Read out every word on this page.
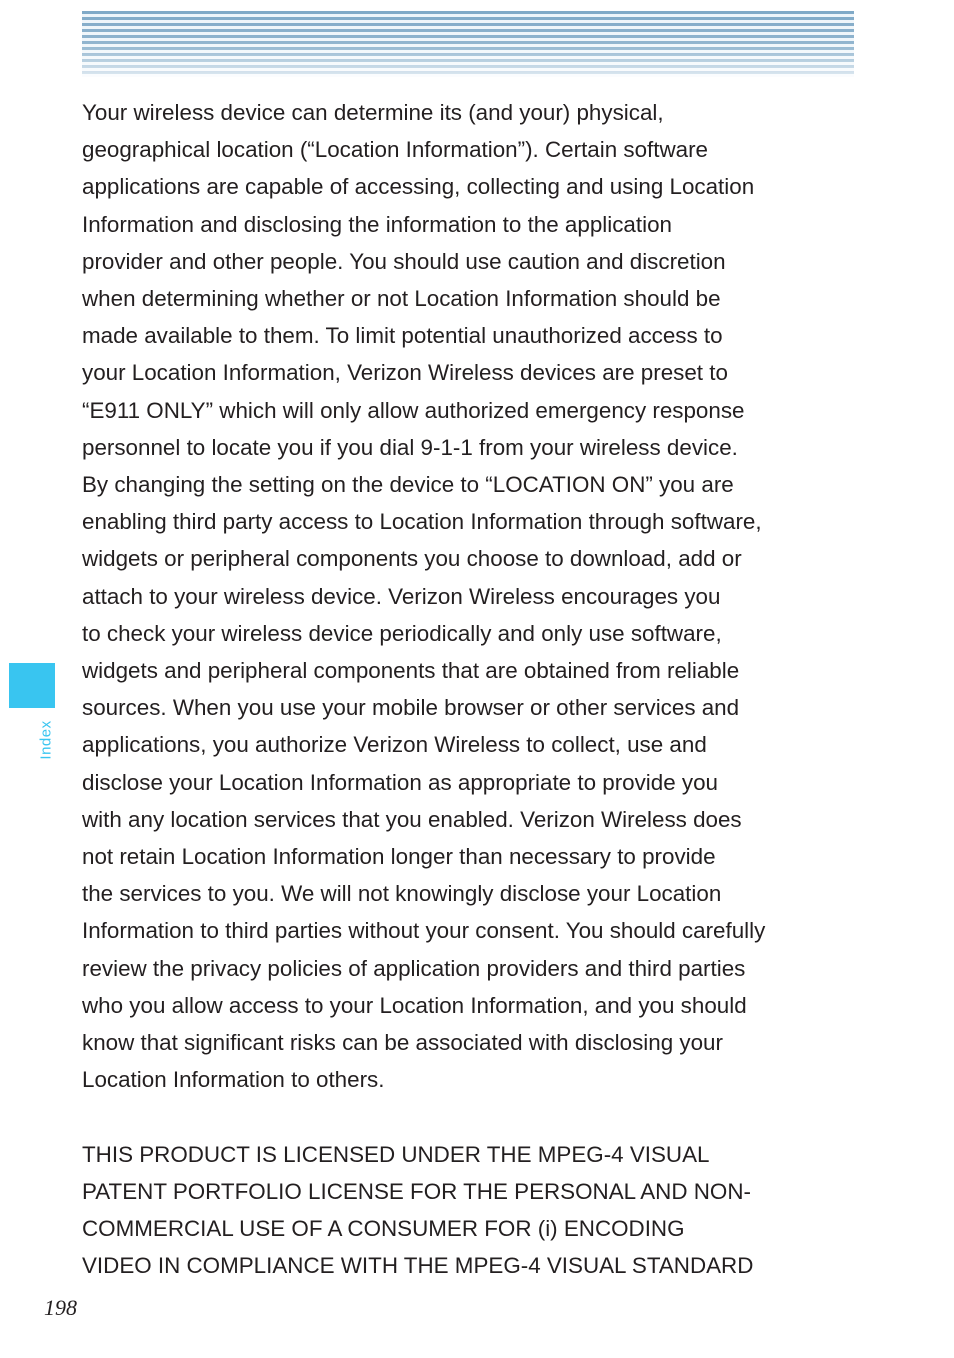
Index

Your wireless device can determine its (and your) physical,
geographical location (“Location Information”). Certain software
applications are capable of accessing, collecting and using Location
Information and disclosing the information to the application
provider and other people. You should use caution and discretion
when determining whether or not Location Information should be
made available to them. To limit potential unauthorized access to
your Location Information, Verizon Wireless devices are preset to
“E911 ONLY” which will only allow authorized emergency response
personnel to locate you if you dial 9-1-1 from your wireless device.
By changing the setting on the device to “LOCATION ON” you are
enabling third party access to Location Information through software,
widgets or peripheral components you choose to download, add or
attach to your wireless device. Verizon Wireless encourages you
to check your wireless device periodically and only use software,
widgets and peripheral components that are obtained from reliable
sources. When you use your mobile browser or other services and
applications, you authorize Verizon Wireless to collect, use and
disclose your Location Information as appropriate to provide you
with any location services that you enabled. Verizon Wireless does
not retain Location Information longer than necessary to provide
the services to you. We will not knowingly disclose your Location
Information to third parties without your consent. You should carefully
review the privacy policies of application providers and third parties
who you allow access to your Location Information, and you should
know that significant risks can be associated with disclosing your
Location Information to others.

THIS PRODUCT IS LICENSED UNDER THE MPEG-4 VISUAL
PATENT PORTFOLIO LICENSE FOR THE PERSONAL AND NON-
COMMERCIAL USE OF A CONSUMER FOR (i) ENCODING
VIDEO IN COMPLIANCE WITH THE MPEG-4 VISUAL STANDARD

198
